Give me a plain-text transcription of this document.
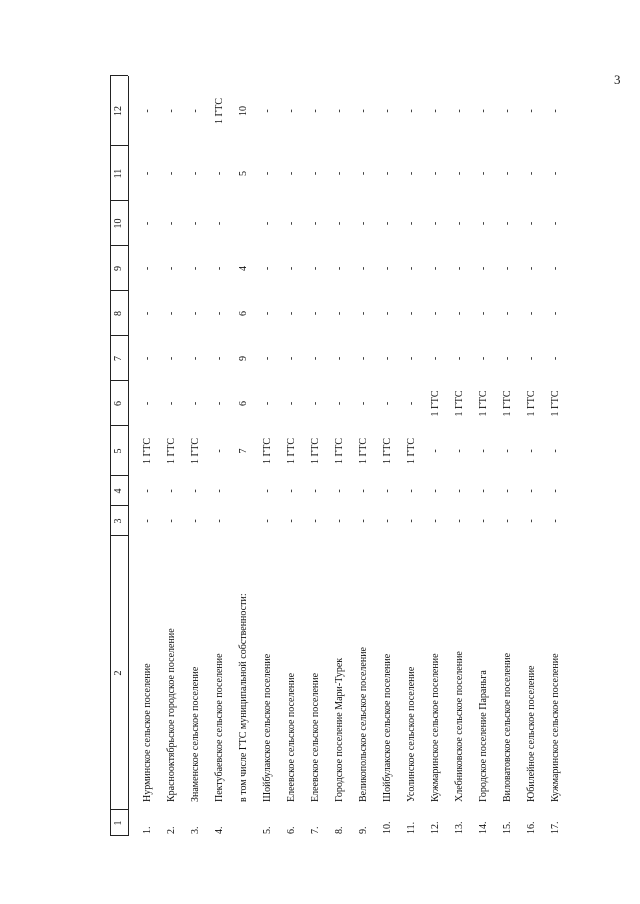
3
1
2
3
4
5
6
7
8
9
10
11
12
1.
Нурминское сельское поселение
-
-
1 ГТС
-
-
-
-
-
-
-
2.
Красноoктябрьское городское поселение
-
-
1 ГТС
-
-
-
-
-
-
-
3.
Знаменское сельское поселение
-
-
1 ГТС
-
-
-
-
-
-
-
4.
Пектубаевское сельское поселение
-
-
-
-
-
-
-
-
-
1 ГТС
в том числе ГТС муниципальной собственности:
7
6
9
6
4
5
10
5.
Шойбулакское сельское поселение
-
-
1 ГТС
-
-
-
-
-
-
-
6.
Елеевское сельское поселение
-
-
1 ГТС
-
-
-
-
-
-
-
7.
Елеевское сельское поселение
-
-
1 ГТС
-
-
-
-
-
-
-
8.
Городское поселение Мари-Турек
-
-
1 ГТС
-
-
-
-
-
-
-
9.
Великопольское сельское поселение
-
-
1 ГТС
-
-
-
-
-
-
-
10.
Шойбулакское сельское поселение
-
-
1 ГТС
-
-
-
-
-
-
-
11.
Усолинское сельское поселение
-
-
1 ГТС
-
-
-
-
-
-
-
12.
Кужмаринское сельское поселение
-
-
-
1 ГТС
-
-
-
-
-
-
13.
Хлебниковское сельское поселение
-
-
-
1 ГТС
-
-
-
-
-
-
14.
Городское поселение Параньга
-
-
-
1 ГТС
-
-
-
-
-
-
15.
Виловатовское сельское поселение
-
-
-
1 ГТС
-
-
-
-
-
-
16.
Юбилейное сельское поселение
-
-
-
1 ГТС
-
-
-
-
-
-
17.
Кужмаринское сельское поселение
-
-
-
1 ГТС
-
-
-
-
-
-
